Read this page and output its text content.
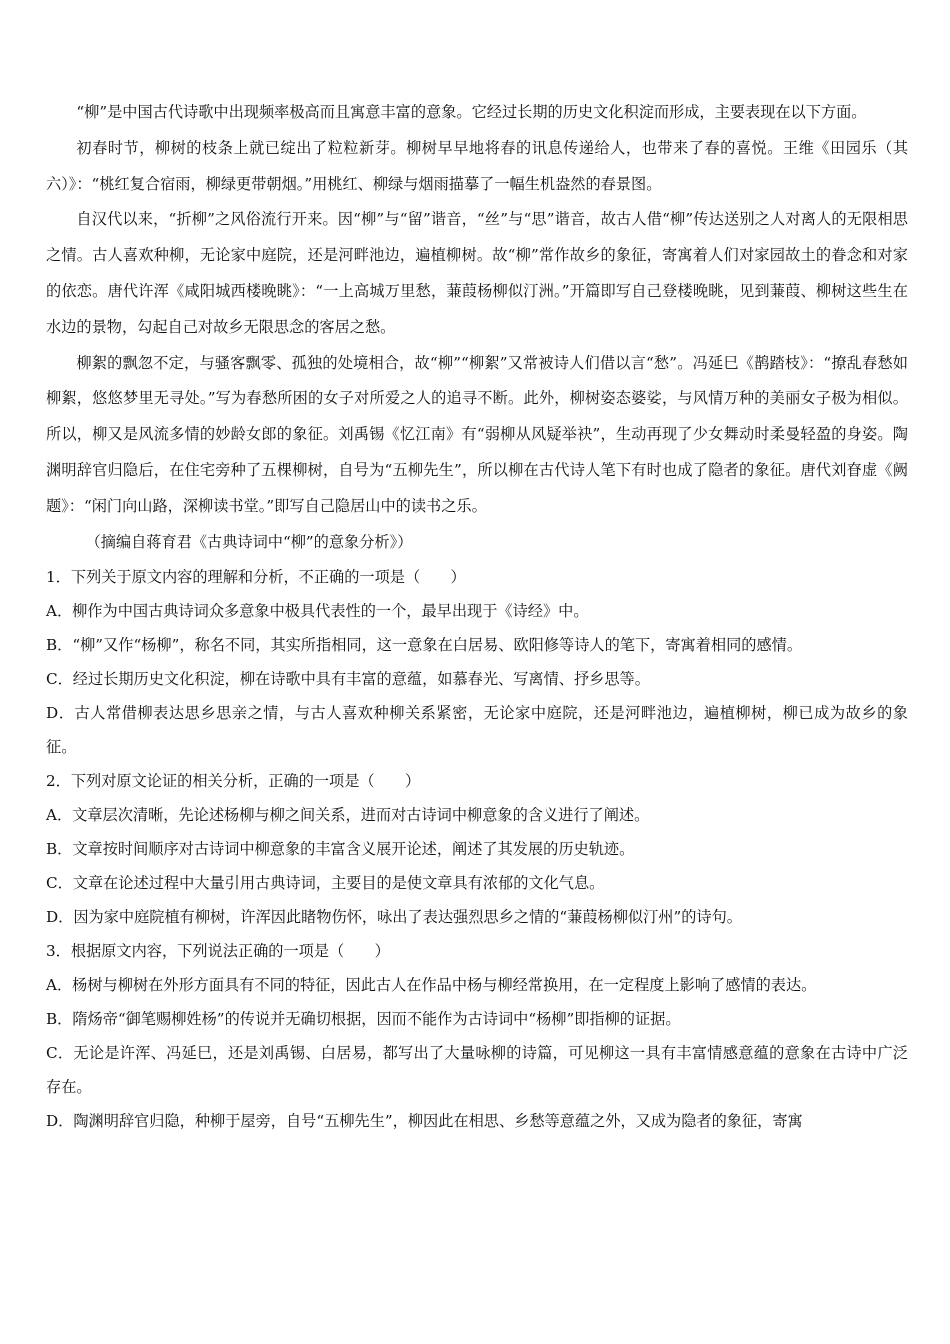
“柳”是中国古代诗歌中出现频率极高而且寓意丰富的意象。它经过长期的历史文化积淀而形成，主要表现在以下方面。

初春时节，柳树的枝条上就已绽出了粒粒新芽。柳树早早地将春的讯息传递给人，也带来了春的喜悦。王维《田园乐（其六）》：“桃红复合宿雨，柳绿更带朝烟。”用桃红、柳绿与烟雨描摹了一幅生机盎然的春景图。

自汉代以来，“折柳”之风俗流行开来。因“柳”与“留”谐音，“丝”与“思”谐音，故古人借“柳”传达送别之人对离人的无限相思之情。古人喜欢种柳，无论家中庭院，还是河畔池边，遍植柳树。故“柳”常作故乡的象征，寄寓着人们对家园故土的眷念和对家的依恋。唐代许浑《咸阳城西楼晚眺》：“一上高城万里愁，蒹葭杨柳似汀洲。”开篇即写自己登楼晚眺，见到蒹葭、柳树这些生在水边的景物，勾起自己对故乡无限思念的客居之愁。

柳絮的飘忽不定，与骚客飘零、孤独的处境相合，故“柳”“柳絮”又常被诗人们借以言“愁”。冯延巳《鹊踏枝》：“撩乱春愁如柳絮，悠悠梦里无寻处。”写为春愁所困的女子对所爱之人的追寻不断。此外，柳树姿态婆娑，与风情万种的美丽女子极为相似。所以，柳又是风流多情的妙龄女郎的象征。刘禹锡《忆江南》有“弱柳从风疑举袂”，生动再现了少女舞动时柔曼轻盈的身姿。陶渊明辞官归隐后，在住宅旁种了五棵柳树，自号为“五柳先生”，所以柳在古代诗人笔下有时也成了隐者的象征。唐代刘眘虚《阙题》：“闲门向山路，深柳读书堂。”即写自己隐居山中的读书之乐。

（摘编自蒋育君《古典诗词中“柳”的意象分析》）

1．下列关于原文内容的理解和分析，不正确的一项是（　　）

A．柳作为中国古典诗词众多意象中极具代表性的一个，最早出现于《诗经》中。

B．“柳”又作“杨柳”，称名不同，其实所指相同，这一意象在白居易、欧阳修等诗人的笔下，寄寓着相同的感情。

C．经过长期历史文化积淀，柳在诗歌中具有丰富的意蕴，如慕春光、写离情、抒乡思等。

D．古人常借柳表达思乡思亲之情，与古人喜欢种柳关系紧密，无论家中庭院，还是河畔池边，遍植柳树，柳已成为故乡的象征。

2．下列对原文论证的相关分析，正确的一项是（　　）

A．文章层次清晰，先论述杨柳与柳之间关系，进而对古诗词中柳意象的含义进行了阐述。

B．文章按时间顺序对古诗词中柳意象的丰富含义展开论述，阐述了其发展的历史轨迹。

C．文章在论述过程中大量引用古典诗词，主要目的是使文章具有浓郁的文化气息。

D．因为家中庭院植有柳树，许浑因此睹物伤怀，咏出了表达强烈思乡之情的“蒹葭杨柳似汀州”的诗句。

3．根据原文内容，下列说法正确的一项是（　　）

A．杨树与柳树在外形方面具有不同的特征，因此古人在作品中杨与柳经常换用，在一定程度上影响了感情的表达。

B．隋炀帝“御笔赐柳姓杨”的传说并无确切根据，因而不能作为古诗词中“杨柳”即指柳的证据。

C．无论是许浑、冯延巳，还是刘禹锡、白居易，都写出了大量咏柳的诗篇，可见柳这一具有丰富情感意蕴的意象在古诗中广泛存在。

D．陶渊明辞官归隐，种柳于屋旁，自号“五柳先生”，柳因此在相思、乡愁等意蕴之外，又成为隐者的象征，寄寓
